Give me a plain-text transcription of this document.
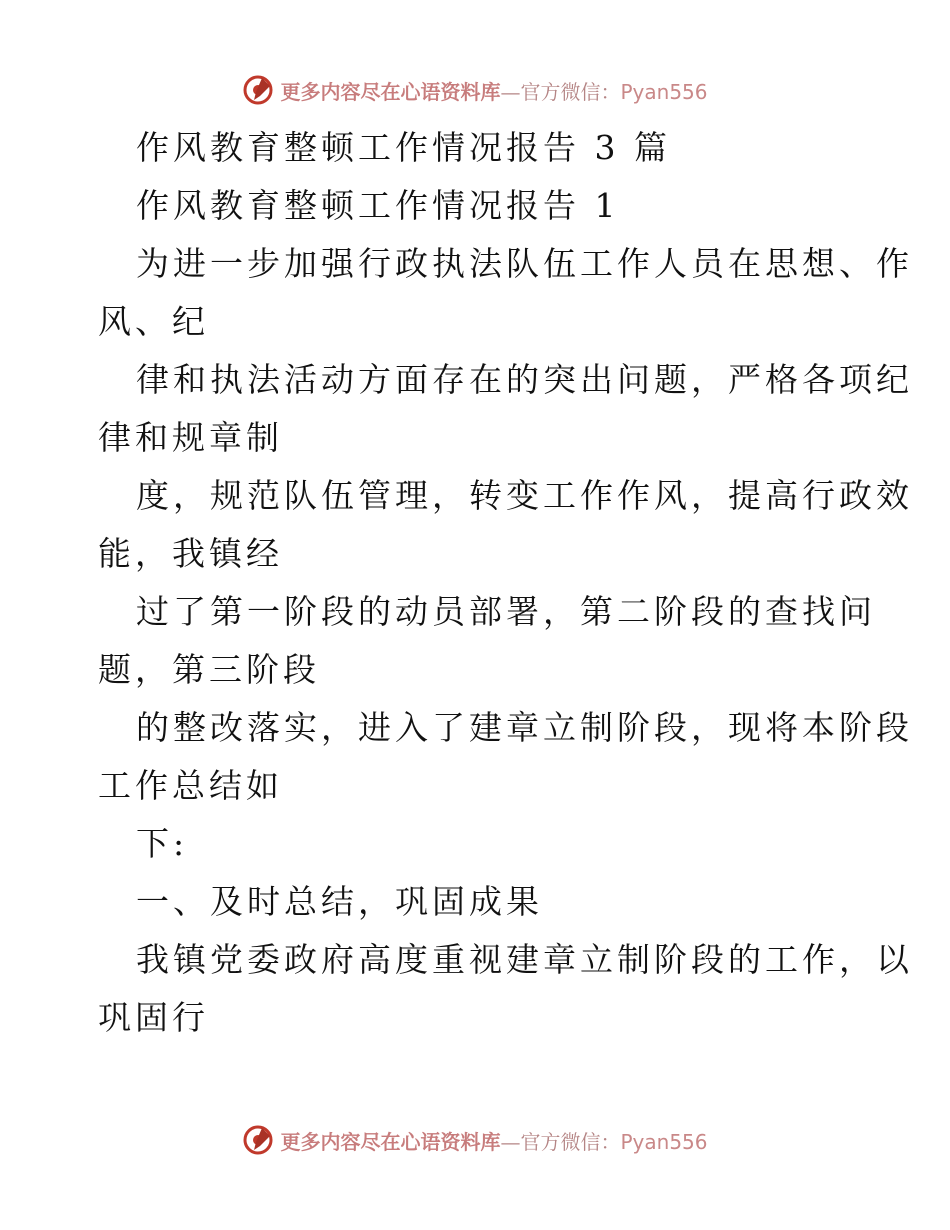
更多内容尽在心语资料库—官方微信：Pyan556
作风教育整顿工作情况报告 3 篇
作风教育整顿工作情况报告 1
为进一步加强行政执法队伍工作人员在思想、作
风、纪
律和执法活动方面存在的突出问题，严格各项纪
律和规章制
度，规范队伍管理，转变工作作风，提高行政效
能，我镇经
过了第一阶段的动员部署，第二阶段的查找问
题，第三阶段
的整改落实，进入了建章立制阶段，现将本阶段
工作总结如
下:
一、及时总结，巩固成果
我镇党委政府高度重视建章立制阶段的工作，以
巩固行
更多内容尽在心语资料库—官方微信：Pyan556
